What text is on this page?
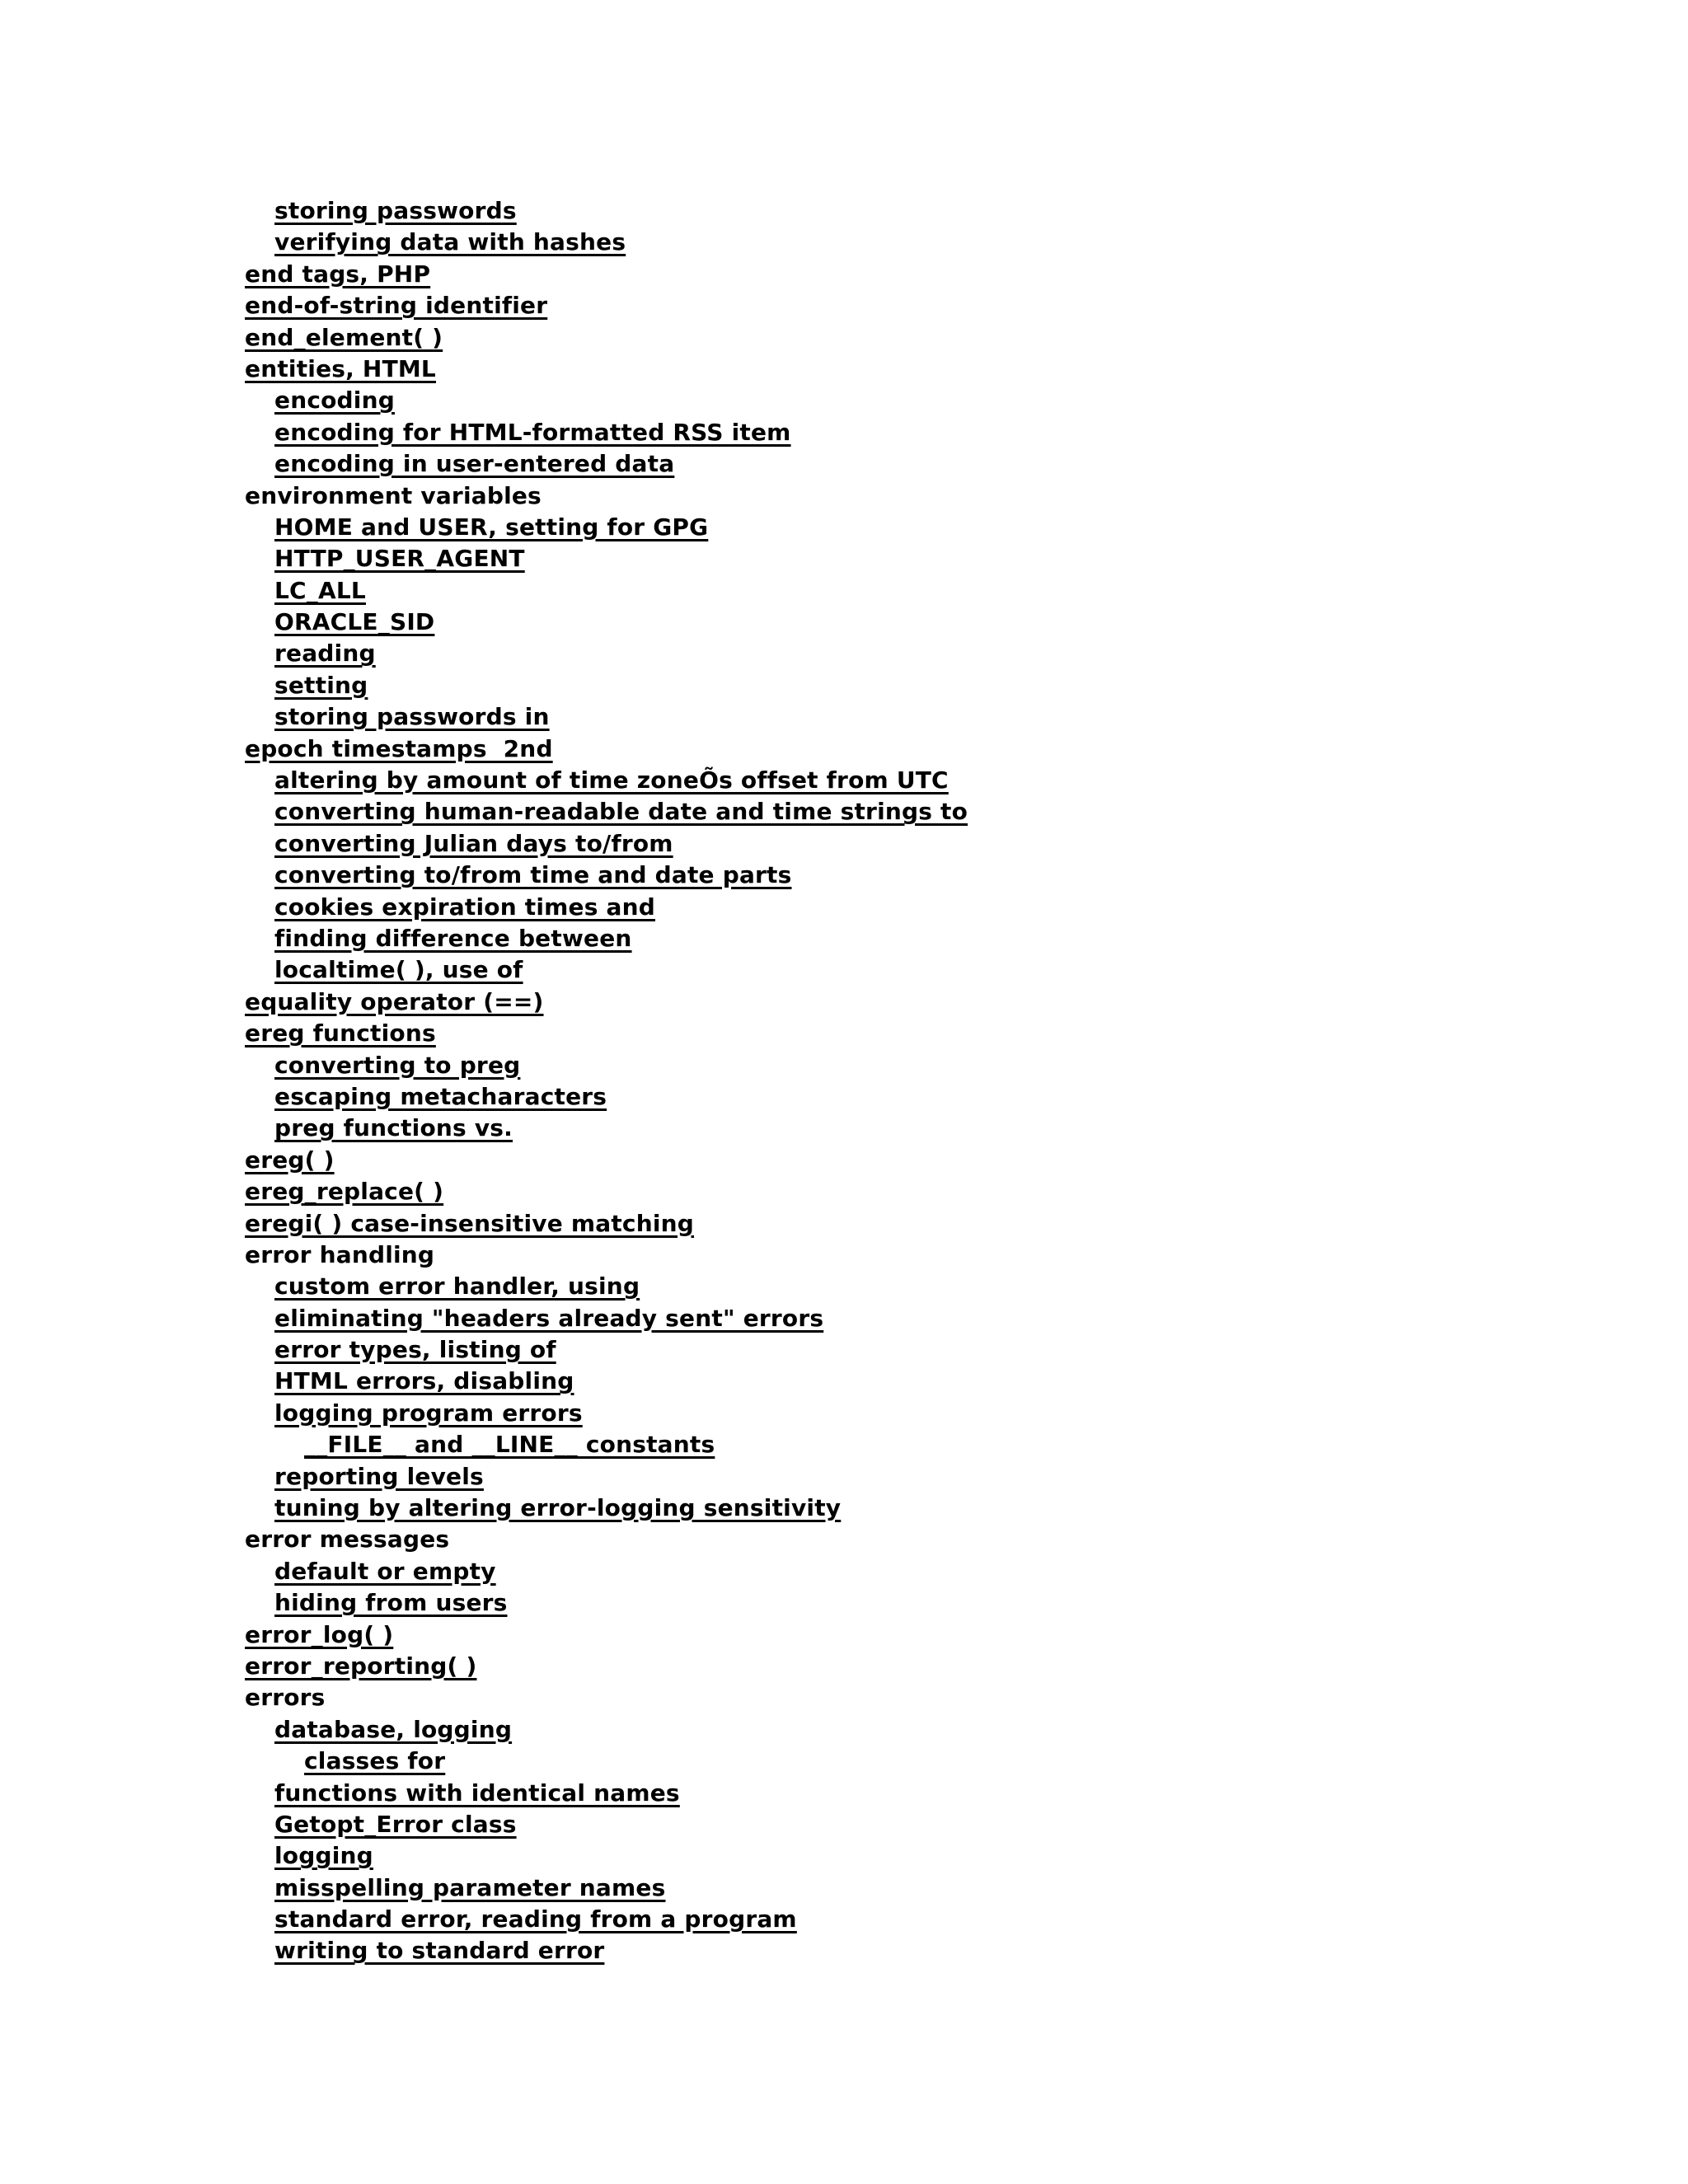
storing passwords
verifying data with hashes
end tags, PHP
end-of-string identifier
end_element( )
entities, HTML
encoding
encoding for HTML-formatted RSS item
encoding in user-entered data
environment variables
HOME and USER, setting for GPG
HTTP_USER_AGENT
LC_ALL
ORACLE_SID
reading
setting
storing passwords in
epoch timestamps  2nd
altering by amount of time zoneÕs offset from UTC
converting human-readable date and time strings to
converting Julian days to/from
converting to/from time and date parts
cookies expiration times and
finding difference between
localtime( ), use of
equality operator (==)
ereg functions
converting to preg
escaping metacharacters
preg functions vs.
ereg( )
ereg_replace( )
eregi( ) case-insensitive matching
error handling
custom error handler, using
eliminating "headers already sent" errors
error types, listing of
HTML errors, disabling
logging program errors
__FILE__ and __LINE__ constants
reporting levels
tuning by altering error-logging sensitivity
error messages
default or empty
hiding from users
error_log( )
error_reporting( )
errors
database, logging
classes for
functions with identical names
Getopt_Error class
logging
misspelling parameter names
standard error, reading from a program
writing to standard error
